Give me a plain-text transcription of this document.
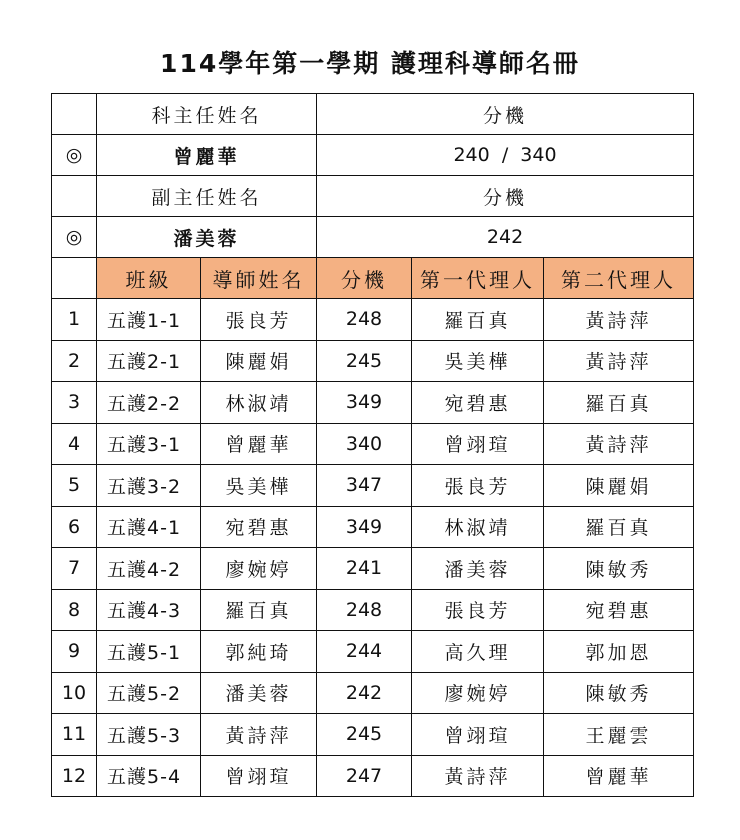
114學年第一學期 護理科導師名冊
	科主任姓名		分機		
◎	曾麗華		240  /  340		
	副主任姓名		分機		
◎	潘美蓉		242		
	班級	導師姓名	分機	第一代理人	第二代理人
1	五護1-1	張良芳	248	羅百真	黃詩萍
2	五護2-1	陳麗娟	245	吳美樺	黃詩萍
3	五護2-2	林淑靖	349	宛碧惠	羅百真
4	五護3-1	曾麗華	340	曾翊瑄	黃詩萍
5	五護3-2	吳美樺	347	張良芳	陳麗娟
6	五護4-1	宛碧惠	349	林淑靖	羅百真
7	五護4-2	廖婉婷	241	潘美蓉	陳敏秀
8	五護4-3	羅百真	248	張良芳	宛碧惠
9	五護5-1	郭純琦	244	高久理	郭加恩
10	五護5-2	潘美蓉	242	廖婉婷	陳敏秀
11	五護5-3	黃詩萍	245	曾翊瑄	王麗雲
12	五護5-4	曾翊瑄	247	黃詩萍	曾麗華
